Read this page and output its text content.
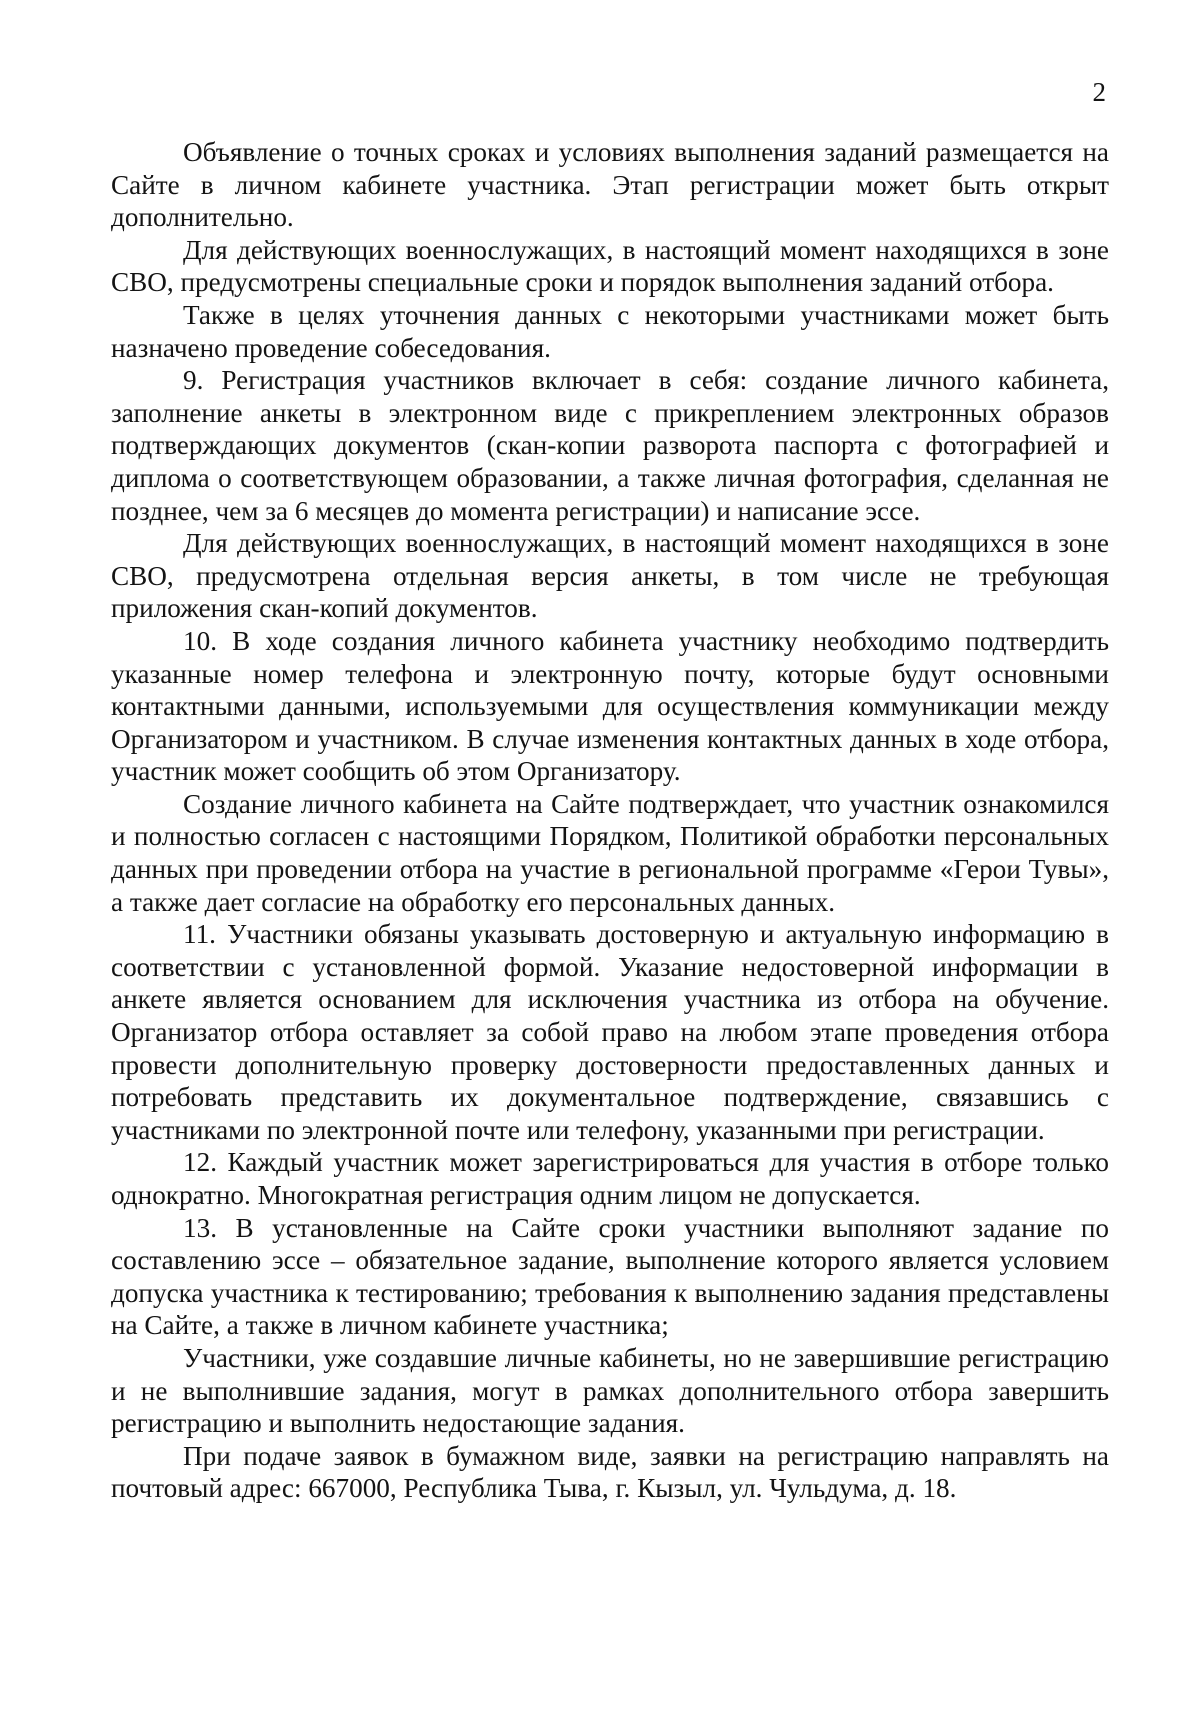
2

Объявление о точных сроках и условиях выполнения заданий размещается на Сайте в личном кабинете участника. Этап регистрации может быть открыт дополнительно.

Для действующих военнослужащих, в настоящий момент находящихся в зоне СВО, предусмотрены специальные сроки и порядок выполнения заданий отбора.

Также в целях уточнения данных с некоторыми участниками может быть назначено проведение собеседования.

9. Регистрация участников включает в себя: создание личного кабинета, заполнение анкеты в электронном виде с прикреплением электронных образов подтверждающих документов (скан-копии разворота паспорта с фотографией и диплома о соответствующем образовании, а также личная фотография, сделанная не позднее, чем за 6 месяцев до момента регистрации) и написание эссе.

Для действующих военнослужащих, в настоящий момент находящихся в зоне СВО, предусмотрена отдельная версия анкеты, в том числе не требующая приложения скан-копий документов.

10. В ходе создания личного кабинета участнику необходимо подтвердить указанные номер телефона и электронную почту, которые будут основными контактными данными, используемыми для осуществления коммуникации между Организатором и участником. В случае изменения контактных данных в ходе отбора, участник может сообщить об этом Организатору.

Создание личного кабинета на Сайте подтверждает, что участник ознакомился и полностью согласен с настоящими Порядком, Политикой обработки персональных данных при проведении отбора на участие в региональной программе «Герои Тувы», а также дает согласие на обработку его персональных данных.

11. Участники обязаны указывать достоверную и актуальную информацию в соответствии с установленной формой. Указание недостоверной информации в анкете является основанием для исключения участника из отбора на обучение. Организатор отбора оставляет за собой право на любом этапе проведения отбора провести дополнительную проверку достоверности предоставленных данных и потребовать представить их документальное подтверждение, связавшись с участниками по электронной почте или телефону, указанными при регистрации.

12. Каждый участник может зарегистрироваться для участия в отборе только однократно. Многократная регистрация одним лицом не допускается.

13. В установленные на Сайте сроки участники выполняют задание по составлению эссе – обязательное задание, выполнение которого является условием допуска участника к тестированию; требования к выполнению задания представлены на Сайте, а также в личном кабинете участника;

Участники, уже создавшие личные кабинеты, но не завершившие регистрацию и не выполнившие задания, могут в рамках дополнительного отбора завершить регистрацию и выполнить недостающие задания.

При подаче заявок в бумажном виде, заявки на регистрацию направлять на почтовый адрес: 667000, Республика Тыва, г. Кызыл, ул. Чульдума, д. 18.
